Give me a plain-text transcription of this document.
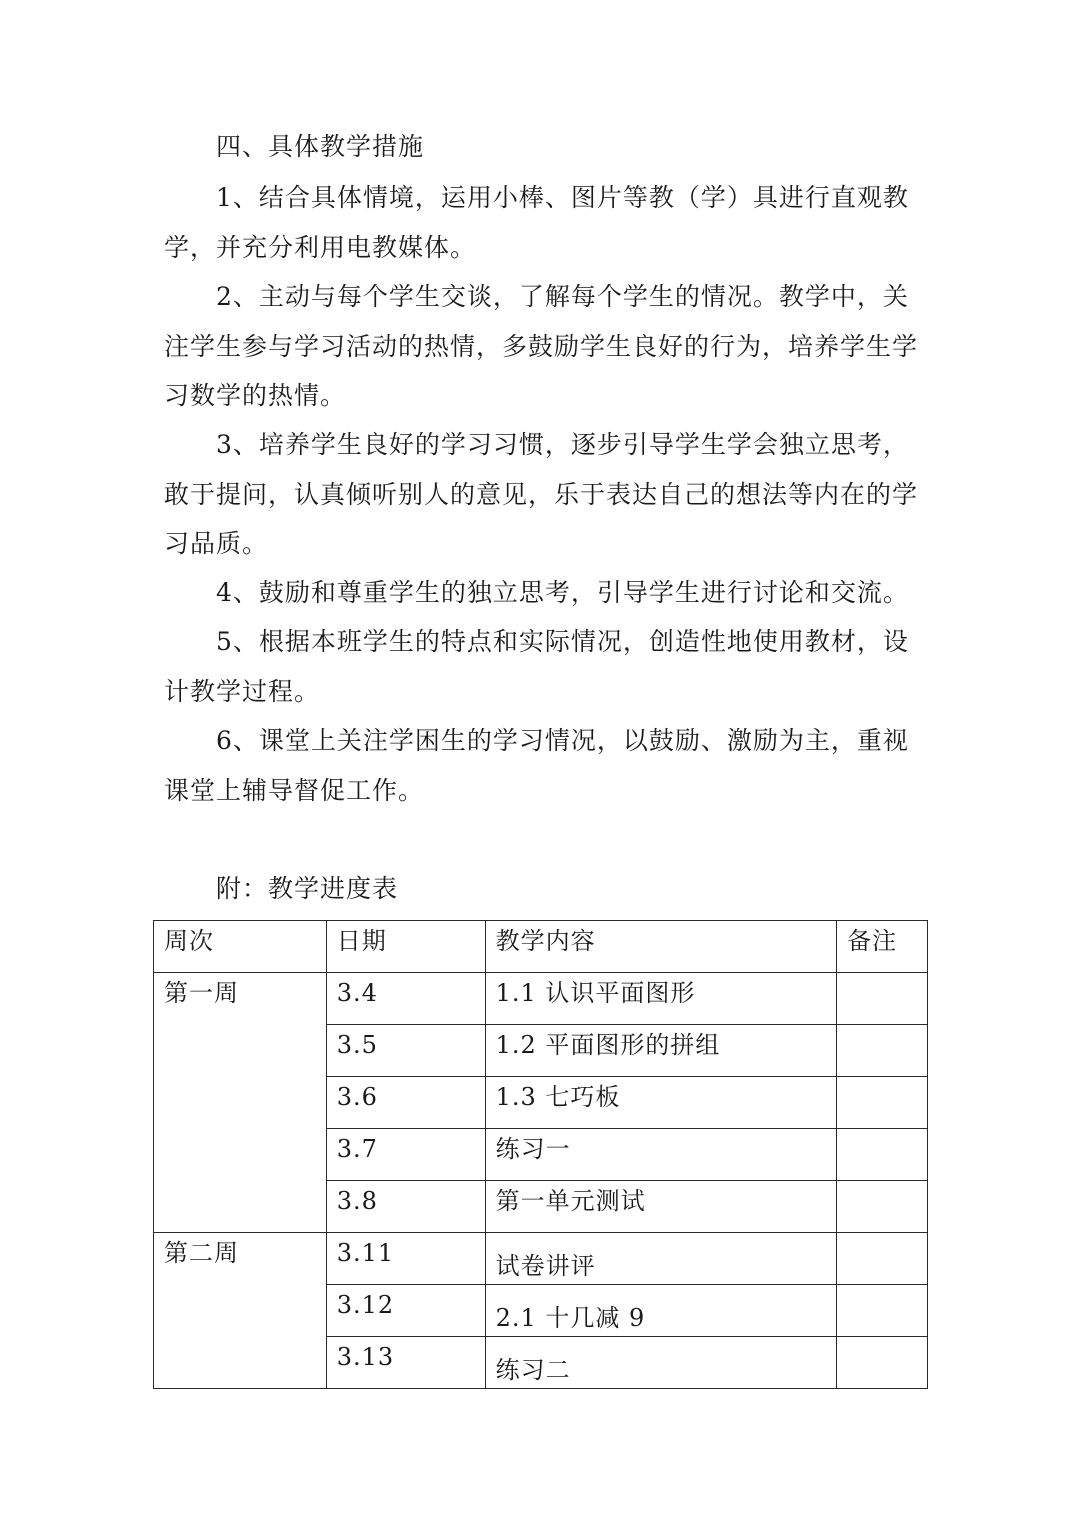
四、具体教学措施

1、结合具体情境，运用小棒、图片等教（学）具进行直观教学，并充分利用电教媒体。

2、主动与每个学生交谈，了解每个学生的情况。教学中，关注学生参与学习活动的热情，多鼓励学生良好的行为，培养学生学习数学的热情。

3、培养学生良好的学习习惯，逐步引导学生学会独立思考，敢于提问，认真倾听别人的意见，乐于表达自己的想法等内在的学习品质。

4、鼓励和尊重学生的独立思考，引导学生进行讨论和交流。

5、根据本班学生的特点和实际情况，创造性地使用教材，设计教学过程。

6、课堂上关注学困生的学习情况，以鼓励、激励为主，重视课堂上辅导督促工作。

附：教学进度表
周次	日期	教学内容	备注
第一周	3.4	1.1 认识平面图形	
	3.5	1.2 平面图形的拼组	
	3.6	1.3 七巧板	
	3.7	练习一	
	3.8	第一单元测试	
第二周	3.11	试卷讲评	
	3.12	2.1 十几减 9	
	3.13	练习二	
